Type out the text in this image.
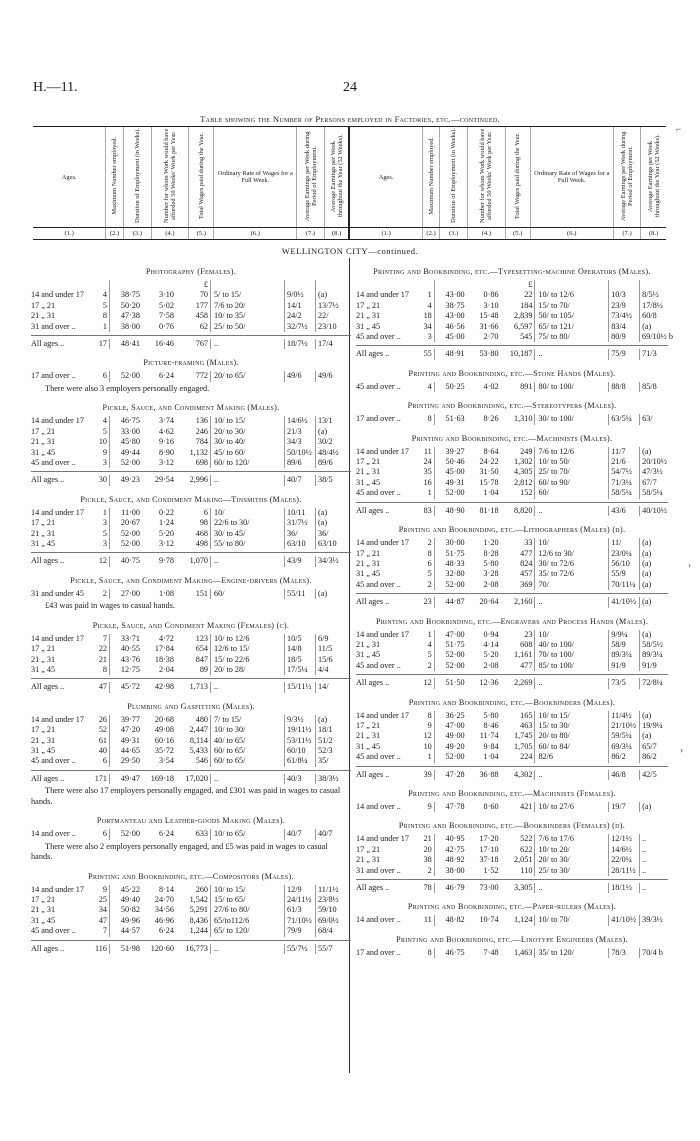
H.—11.	24
Table showing the Number of Persons employed in Factories, etc.—continued.
Ages.	Maximum Number employed.	Duration of Employment (in Weeks).	Number for whom Work would have afforded 50 Weeks' Work per Year.	Total Wages paid during the Year.	Ordinary Rate of Wages for a Full Week.	Average Earnings per Week during Period of Employment.	Average Earnings per Week throughout the Year (52 Weeks).	Ages.	Maximum Number employed.	Duration of Employment (in Weeks).	Number for whom Work would have afforded 50 Weeks' Work per Year.	Total Wages paid during the Year.	Ordinary Rate of Wages for a Full Week.	Average Earnings per Week during Period of Employment.	Average Earnings per Week throughout the Year (52 Weeks).
(1.)	(2.)	(3.)	(4.)	(5.)	(6.)	(7.)	(8.)	(1.)	(2.)	(3.)	(4.)	(5.)	(6.)	(7.)	(8.)
WELLINGTON CITY—continued.
Photography (Females).
£
14 and under 17	4	38·75	3·10	70 5/ to 15/	9/0½	(a)
17 „ 21	5	50·20	5·02	177 7/6 to 20/	14/1	13/7½
21 „ 31	8	47·38	7·58	458 10/ to 35/	24/2	22/
31 and over ..	1	38·00	0·76	62 25/ to 50/	32/7½	23/10
All ages ..	17	48·41	16·46	767 ..	18/7½	17/4
Picture-framing (Males).
17 and over ..	6	52·00	6·24	772 20/ to 65/	49/6	49/6
There were also 3 employers personally engaged.
Pickle, Sauce, and Condiment Making (Males).
14 and under 17	4	46·75	3·74	136 10/ to 15/	14/6½	13/1
17 „ 21	5	33·00	4·62	246 20/ to 30/	21/3	(a)
21 „ 31	10	45·80	9·16	784 30/ to 40/	34/3	30/2
31 „ 45	9	49·44	8·90	1,132 45/ to 60/	50/10½ 48/4½
45 and over ..	3	52·00	3·12	698 60/ to 120/	89/6	89/6
All ages ..	30	49·23	29·54	2,996 ..	40/7	38/5
Pickle, Sauce, and Condiment Making—Tinsmiths (Males).
14 and under 17	1	11·00	0·22	6 10/	10/11	(a)
17 „ 21	3	20·67	1·24	98 22/6 to 30/	31/7½	(a)
21 „ 31	5	52·00	5·20	468 30/ to 45/	36/	36/
31 „ 45	3	52·00	3·12	498 55/ to 80/	63/10	63/10
All ages ..	12	40·75	9·78	1,070 ..	43/9	34/3½
Pickle, Sauce, and Condiment Making—Engine-drivers (Males).
31 and under 45	2	27·00	1·08	151 60/	55/11	(a)
£43 was paid in wages to casual hands.
Pickle, Sauce, and Condiment Making (Females) (c).
14 and under 17	7	33·71	4·72	123 10/ to 12/6	10/5	6/9
17 „ 21	22	40·55	17·84	654 12/6 to 15/	14/8	11/5
21 „ 31	21	43·76	18·38	847 15/ to 22/6	18/5	15/6
31 „ 45	8	12·75	2·04	89 20/ to 28/	17/5¼	4/4
All ages ..	47	45·72	42·98	1,713 ..	15/11½ 14/
Plumbing and Gasfitting (Males).
14 and under 17	26	39·77	20·68	480 7/ to 15/	9/3½	(a)
17 „ 21	52	47·20	49·08	2,447 10/ to 30/	19/11½ 18/1
21 „ 31	61	49·31	60·16	8,114 40/ to 65/	53/11½ 51/2
31 „ 45	40	44·65	35·72	5,433 60/ to 65/	60/10	52/3
45 and over ..	6	29·50	3·54	546 60/ to 65/	61/8¼	35/
All ages ..	171	49·47	169·18	17,020 ..	40/3	38/3½
There were also 17 employers personally engaged, and £301 was paid in wages to casual hands.
Portmanteau and Leather-goods Making (Males).
14 and over ..	6	52·00	6·24	633 10/ to 65/	40/7	40/7
There were also 2 employers personally engaged, and £5 was paid in wages to casual hands.
Printing and Bookbinding, etc.—Compositors (Males).
14 and under 17	9	45·22	8·14	260 10/ to 15/	12/9	11/1½
17 „ 21	25	49·40	24·70	1,542 15/ to 65/	24/11½ 23/8½
21 „ 31	34	50·82	34·56	5,291 27/6 to 80/	61/3	59/10
31 „ 45	47	49·96	46·96	8,436 65/to112/6	71/10½ 69/0½
45 and over ..	7	44·57	6·24	1,244 65/ to 120/	79/9	68/4
All ages ..	116	51·98	120·60	16,773 ..	55/7½	55/7
Printing and Bookbinding, etc.—Typesetting-machine Operators (Males).
£
14 and under 17	1	43·00	0·86	22 10/ to 12/6	10/3	8/5½
17 „ 21	4	38·75	3·10	184 15/ to 70/	23/9	17/8½
21 „ 31	18	43·00	15·48	2,839 50/ to 105/	73/4½	60/8
31 „ 45	34	46·56	31·66	6,597 65/ to 121/	83/4	(a)
45 and over ..	3	45·00	2·70	545 75/ to 80/	80/9	69/10½ b
All ages ..	55	48·91	53·80	10,187 ..	75/9	71/3
Printing and Bookbinding, etc.—Stone Hands (Males).
45 and over ..	4	50·25	4·02	891 80/ to 100/	88/8	85/8
Printing and Bookbinding, etc.—Stereotypers (Males).
17 and over ..	8	51·63	8·26	1,310 30/ to 100/	63/5¼	63/
Printing and Bookbinding, etc.—Machinists (Males).
14 and under 17	11	39·27	8·64	249 7/6 to 12/6	11/7	(a)
17 „ 21	24	50·46	24·22	1,302 10/ to 50/	21/6	20/10½
21 „ 31	35	45·00	31·50	4,305 25/ to 70/	54/7½	47/3½
31 „ 45	16	49·31	15·78	2,812 60/ to 90/	71/3¼	67/7
45 and over ..	1	52·00	1·04	152 60/	58/5¼	58/5¼
All ages ..	83	48·90	81·18	8,820 ..	43/6	40/10½
Printing and Bookbinding, etc.—Lithographers (Males) (d).
14 and under 17	2	30·00	1·20	33 10/	11/	(a)
17 „ 21	8	51·75	8·28	477 12/6 to 30/	23/0¼	(a)
21 „ 31	6	48·33	5·80	824 30/ to 72/6	56/10	(a)
31 „ 45	5	32·80	3·28	457 35/ to 72/6	55/9	(a)
45 and over ..	2	52·00	2·08	369 70/	70/11¼ (a)
All ages ..	23	44·87	20·64	2,160 ..	41/10½ (a)
Printing and Bookbinding, etc.—Engravers and Process Hands (Males).
14 and under 17	1	47·00	0·94	23 10/	9/9¼	(a)
21 „ 31	4	51·75	4·14	608 40/ to 100/	58/9	58/5½
31 „ 45	5	52·00	5·20	1,161 70/ to 100/	89/3¼	89/3¼
45 and over ..	2	52·00	2·08	477 85/ to 100/	91/9	91/9
All ages ..	12	51·50	12·36	2,269 ..	73/5	72/8¼
Printing and Bookbinding, etc.—Bookbinders (Males).
14 and under 17	8	36·25	5·80	165 10/ to 15/	11/4½	(a)
17 „ 21	9	47·00	8·46	463 15/ to 30/	21/10½ 19/9¼
21 „ 31	12	49·00	11·74	1,745 20/ to 80/	59/5¼	(a)
31 „ 45	10	49·20	9·84	1,705 60/ to 84/	69/3¼	65/7
45 and over ..	1	52·00	1·04	224 82/6	86/2	86/2
All ages ..	39	47·28	36·88	4,302 ..	46/8	42/5
Printing and Bookbinding, etc.—Machinists (Females).
14 and over ..	9	47·78	8·60	421 10/ to 27/6	19/7	(a)
Printing and Bookbinding, etc.—Bookbinders (Females) (d).
14 and under 17	21	40·95	17·20	522 7/6 to 17/6	12/1½	..
17 „ 21	20	42·75	17·10	622 10/ to 20/	14/6½	..
21 „ 31	38	48·92	37·18	2,051 20/ to 30/	22/0¼	..
31 and over ..	2	38·00	1·52	110 25/ to 30/	28/11½ ..
All ages ..	78	46·79	73·00	3,305 ..	18/1½	..
Printing and Bookbinding, etc.—Paper-rulers (Males).
14 and over ..	11	48·82	10·74	1,124 10/ to 70/	41/10½ 39/3½
Printing and Bookbinding, etc.—Linotype Engineers (Males).
17 and over ..	8	46·75	7·48	1,463 35/ to 120/	78/3	70/4 b
⌐
›
›
